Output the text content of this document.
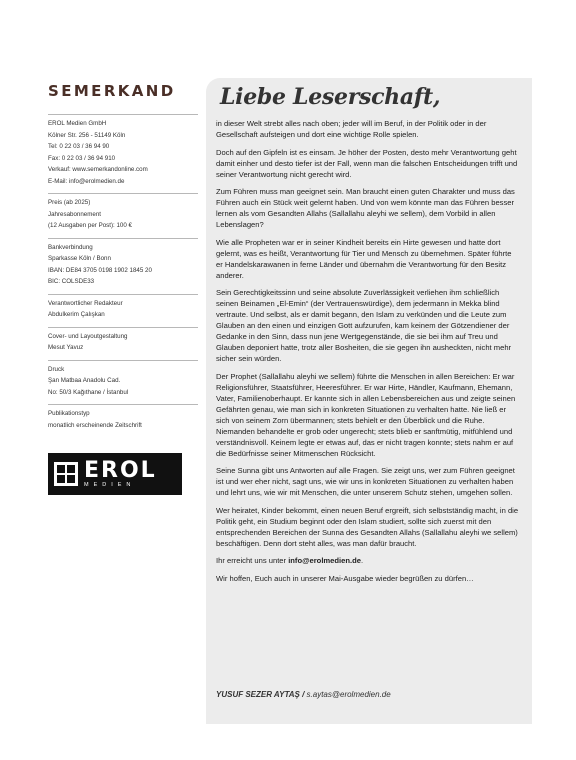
SEMERKAND
EROL Medien GmbH
Kölner Str. 256 - 51149 Köln
Tel: 0 22 03 / 36 94 90
Fax: 0 22 03 / 36 94 910
Verkauf: www.semerkandonline.com
E-Mail: info@erolmedien.de
Preis (ab 2025)
Jahresabonnement
(12 Ausgaben per Post): 100 €
Bankverbindung
Sparkasse Köln / Bonn
IBAN: DE84 3705 0198 1902 1845 20
BIC: COLSDE33
Verantwortlicher Redakteur
Abdulkerim Çalışkan
Cover- und Layoutgestaltung
Mesut Yavuz
Druck
Şan Matbaa Anadolu Cad.
No: 50/3 Kağıthane / İstanbul
Publikationstyp
monatlich erscheinende Zeitschrift
EROL
MEDIEN
Liebe Leserschaft,

in dieser Welt strebt alles nach oben; jeder will im Beruf, in der Politik oder in der Gesellschaft aufsteigen und dort eine wichtige Rolle spielen.

Doch auf den Gipfeln ist es einsam. Je höher der Posten, desto mehr Verantwortung geht damit einher und desto tiefer ist der Fall, wenn man die falschen Entscheidungen trifft und seiner Verantwortung nicht gerecht wird.

Zum Führen muss man geeignet sein. Man braucht einen guten Charakter und muss das Führen auch ein Stück weit gelernt haben. Und von wem könnte man das Führen besser lernen als vom Gesandten Allahs (Sallallahu aleyhi we sellem), dem Vorbild in allen Lebenslagen?

Wie alle Propheten war er in seiner Kindheit bereits ein Hirte gewesen und hatte dort gelernt, was es heißt, Verantwortung für Tier und Mensch zu übernehmen. Später führte er Handelskarawanen in ferne Länder und übernahm die Verantwortung für den Besitz anderer.

Sein Gerechtigkeitssinn und seine absolute Zuverlässigkeit verliehen ihm schließlich seinen Beinamen „El-Emin“ (der Vertrauenswürdige), dem jedermann in Mekka blind vertraute. Und selbst, als er damit begann, den Islam zu verkünden und die Leute zum Glauben an den einen und einzigen Gott aufzurufen, kam keinem der Götzendiener der Gedanke in den Sinn, dass nun jene Wertgegenstände, die sie bei ihm auf Treu und Glauben deponiert hatte, trotz aller Bosheiten, die sie gegen ihn ausheckten, nicht mehr sicher sein würden.

Der Prophet (Sallallahu aleyhi we sellem) führte die Menschen in allen Bereichen: Er war Religionsführer, Staatsführer, Heeresführer. Er war Hirte, Händler, Kaufmann, Ehemann, Vater, Familienoberhaupt. Er kannte sich in allen Lebensbereichen aus und zeigte seinen Gefährten genau, wie man sich in konkreten Situationen zu verhalten hatte. Nie ließ er sich von seinem Zorn übermannen; stets behielt er den Überblick und die Ruhe. Niemanden behandelte er grob oder ungerecht; stets blieb er sanftmütig, mitfühlend und verständnisvoll. Keinem legte er etwas auf, das er nicht tragen konnte; stets nahm er auf die Bedürfnisse seiner Mitmenschen Rücksicht.

Seine Sunna gibt uns Antworten auf alle Fragen. Sie zeigt uns, wer zum Führen geeignet ist und wer eher nicht, sagt uns, wie wir uns in konkreten Situationen zu verhalten haben und lehrt uns, wie wir mit Menschen, die unter unserem Schutz stehen, umgehen sollen.

Wer heiratet, Kinder bekommt, einen neuen Beruf ergreift, sich selbstständig macht, in die Politik geht, ein Studium beginnt oder den Islam studiert, sollte sich zuerst mit den entsprechenden Bereichen der Sunna des Gesandten Allahs (Sallallahu aleyhi we sellem) beschäftigen. Denn dort steht alles, was man dafür braucht.

Ihr erreicht uns unter info@erolmedien.de.

Wir hoffen, Euch auch in unserer Mai-Ausgabe wieder begrüßen zu dürfen…

YUSUF SEZER AYTAŞ / s.aytas@erolmedien.de
